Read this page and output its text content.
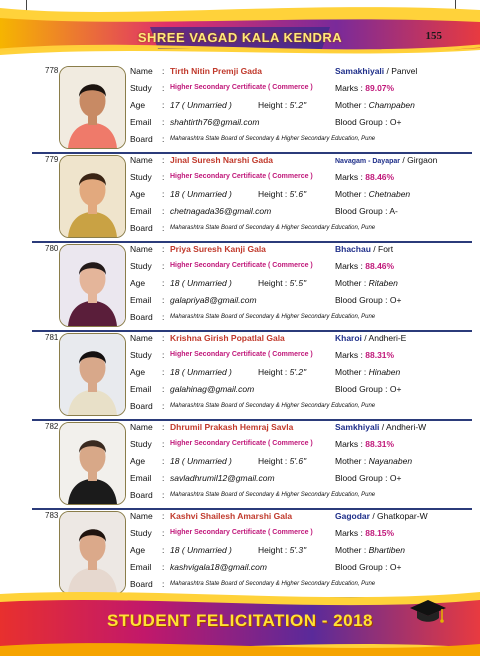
SHREE VAGAD KALA KENDRA	155
778	Name	: Tirth Nitin Premji Gada	Samakhiyali / Panvel
Study	: Higher Secondary Certificate ( Commerce )	Marks : 89.07%
Age	: 17 ( Unmarried )	Height : 5'.2"	Mother : Champaben
Email	: shahtirth76@gmail.com	Blood Group : O+
Board	: Maharashtra State Board of Secondary & Higher Secondary Education, Pune
779	Name	: Jinal Suresh Narshi Gada	Navagam - Dayapar / Girgaon
Study	: Higher Secondary Certificate ( Commerce )	Marks : 88.46%
Age	: 18 ( Unmarried )	Height : 5'.6"	Mother : Chetnaben
Email	: chetnagada36@gmail.com	Blood Group : A-
Board	: Maharashtra State Board of Secondary & Higher Secondary Education, Pune
780	Name	: Priya Suresh Kanji Gala	Bhachau / Fort
Study	: Higher Secondary Certificate ( Commerce )	Marks : 88.46%
Age	: 18 ( Unmarried )	Height : 5'.5"	Mother : Ritaben
Email	: galapriya8@gmail.com	Blood Group : O+
Board	: Maharashtra State Board of Secondary & Higher Secondary Education, Pune
781	Name	: Krishna Girish Popatlal Gala	Kharoi / Andheri-E
Study	: Higher Secondary Certificate ( Commerce )	Marks : 88.31%
Age	: 18 ( Unmarried )	Height : 5'.2"	Mother : Hinaben
Email	: galahinag@gmail.com	Blood Group : O+
Board	: Maharashtra State Board of Secondary & Higher Secondary Education, Pune
782	Name	: Dhrumil Prakash Hemraj Savla	Samkhiyali / Andheri-W
Study	: Higher Secondary Certificate ( Commerce )	Marks : 88.31%
Age	: 18 ( Unmarried )	Height : 5'.6"	Mother : Nayanaben
Email	: savladhrumil12@gmail.com	Blood Group : O+
Board	: Maharashtra State Board of Secondary & Higher Secondary Education, Pune
783	Name	: Kashvi Shailesh Amarshi Gala	Gagodar / Ghatkopar-W
Study	: Higher Secondary Certificate ( Commerce )	Marks : 88.15%
Age	: 18 ( Unmarried )	Height : 5'.3"	Mother : Bhartiben
Email	: kashvigala18@gmail.com	Blood Group : O+
Board	: Maharashtra State Board of Secondary & Higher Secondary Education, Pune
STUDENT FELICITATION - 2018
